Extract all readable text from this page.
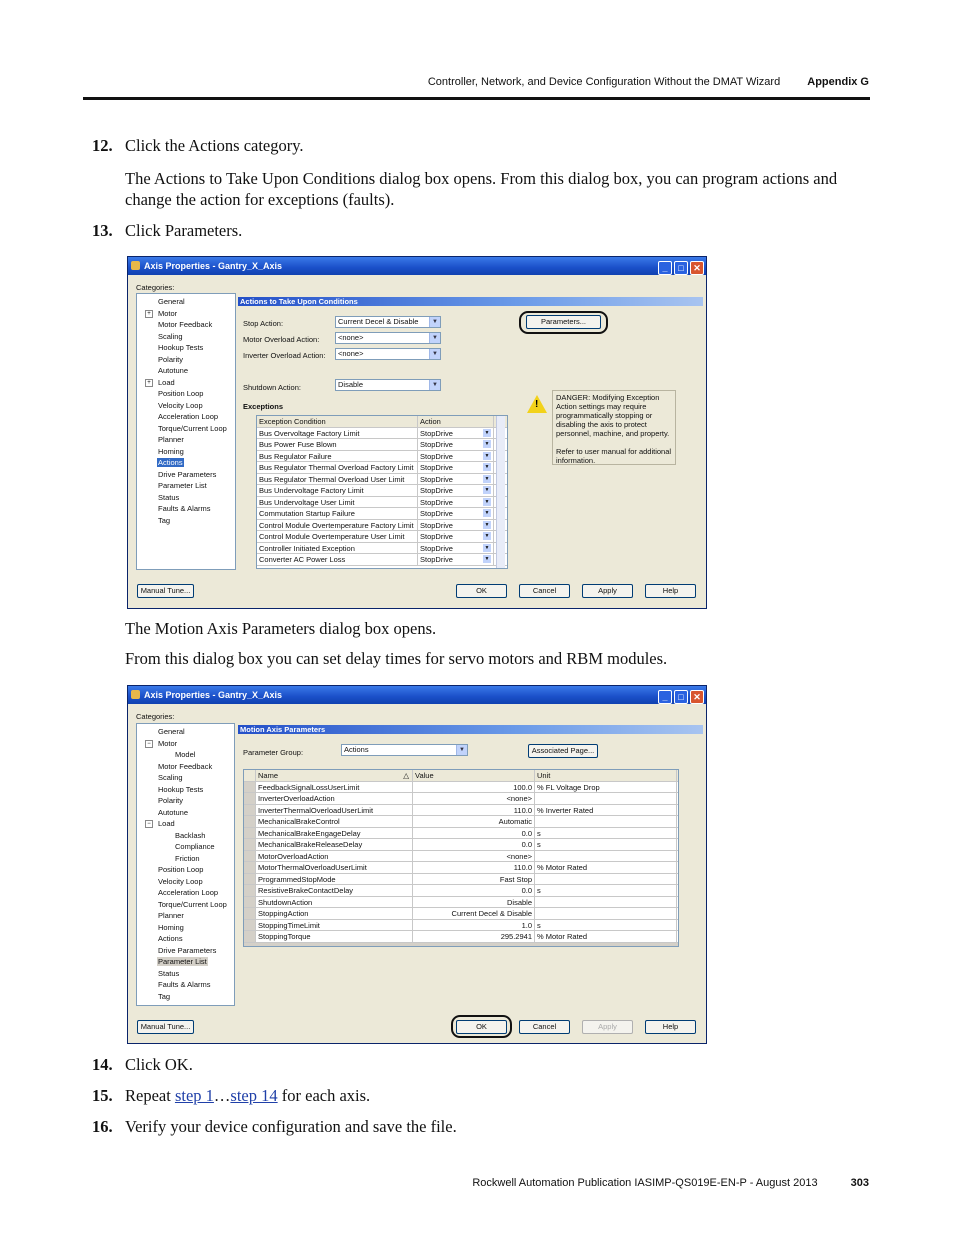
Controller, Network, and Device Configuration Without the DMAT Wizard Appendix G
12. Click the Actions category.
The Actions to Take Upon Conditions dialog box opens. From this dialog box, you can program actions and change the action for exceptions (faults).
13. Click Parameters.
Axis Properties - Gantry_X_Axis	_ □ ✕
Categories:
+
+
General
Motor
Motor Feedback
Scaling
Hookup Tests
Polarity
Autotune
Load
Position Loop
Velocity Loop
Acceleration Loop
Torque/Current Loop
Planner
Homing
Actions
Drive Parameters
Parameter List
Status
Faults & Alarms
Tag
Actions to Take Upon Conditions
Stop Action:	Current Decel & Disable	▼
Motor Overload Action:	<none>	▼
Inverter Overload Action:	<none>	▼
Shutdown Action:	Disable	▼
Parameters...
!
DANGER: Modifying Exception Action settings may require programmatically stopping or disabling the axis to protect personnel, machine, and property.
Refer to user manual for additional information.
Exceptions
Exception Condition	Action
Bus Overvoltage Factory Limit	StopDrive	▼
Bus Power Fuse Blown	StopDrive	▼
Bus Regulator Failure	StopDrive	▼
Bus Regulator Thermal Overload Factory Limit StopDrive	▼
Bus Regulator Thermal Overload User Limit	StopDrive	▼
Bus Undervoltage Factory Limit	StopDrive	▼
Bus Undervoltage User Limit	StopDrive	▼
Commutation Startup Failure	StopDrive	▼
Control Module Overtemperature Factory Limit StopDrive	▼
Control Module Overtemperature User Limit	StopDrive	▼
Controller Initiated Exception	StopDrive	▼
Converter AC Power Loss	StopDrive	▼
Manual Tune...	OK	Cancel	Apply	Help
The Motion Axis Parameters dialog box opens.
From this dialog box you can set delay times for servo motors and RBM modules.
Axis Properties - Gantry_X_Axis	_ □ ✕
Categories:
−
−
General
Motor
Model
Motor Feedback
Scaling
Hookup Tests
Polarity
Autotune
Load
Backlash
Compliance
Friction
Position Loop
Velocity Loop
Acceleration Loop
Torque/Current Loop
Planner
Homing
Actions
Drive Parameters
Parameter List
Status
Faults & Alarms
Tag
Motion Axis Parameters
Parameter Group:	Actions	▼	Associated Page...
Name	△ Value	Unit
FeedbackSignalLossUserLimit	100.0 % FL Voltage Drop
InverterOverloadAction	<none>
InverterThermalOverloadUserLimit	110.0 % Inverter Rated
MechanicalBrakeControl	Automatic
MechanicalBrakeEngageDelay	0.0 s
MechanicalBrakeReleaseDelay	0.0 s
MotorOverloadAction	<none>
MotorThermalOverloadUserLimit	110.0 % Motor Rated
ProgrammedStopMode	Fast Stop
ResistiveBrakeContactDelay	0.0 s
ShutdownAction	Disable
StoppingAction	Current Decel & Disable
StoppingTimeLimit	1.0 s
StoppingTorque	295.2941 % Motor Rated
Manual Tune...	OK	Cancel	Apply	Help
14. Click OK.
15. Repeat step 1…step 14 for each axis.
16. Verify your device configuration and save the file.
Rockwell Automation Publication IASIMP-QS019E-EN-P - August 2013	303
